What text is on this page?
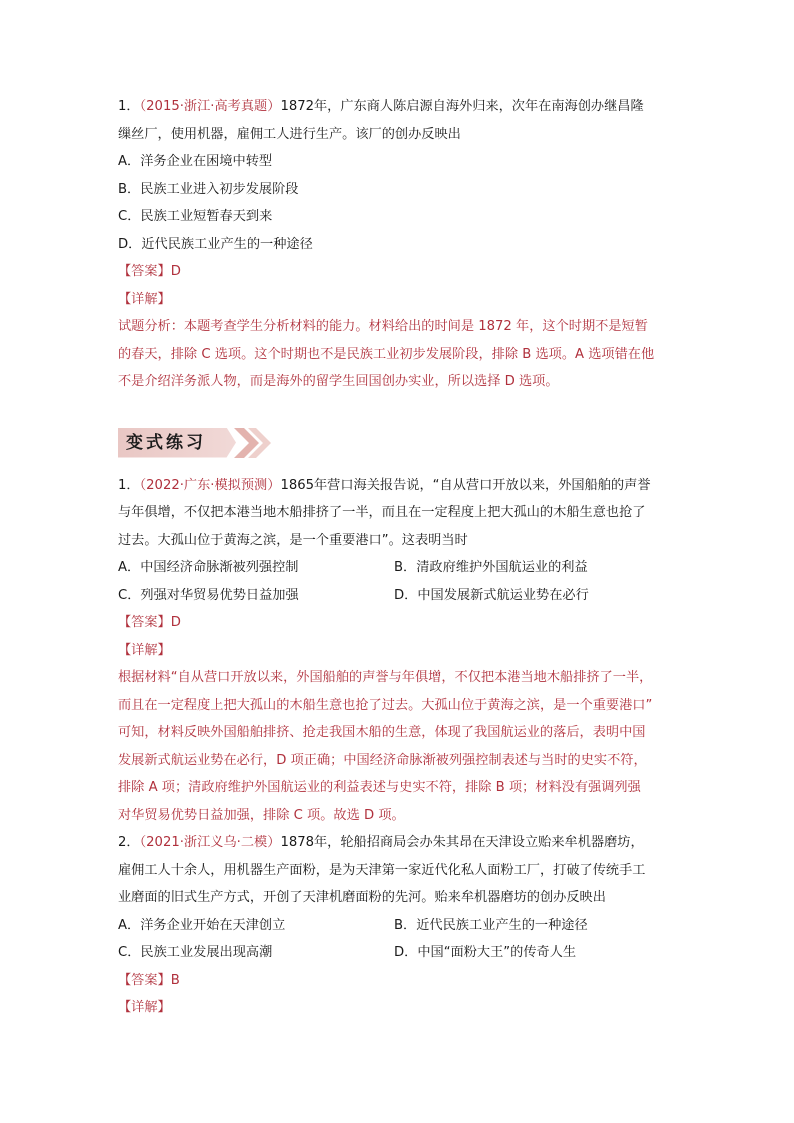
1．（2015·浙江·高考真题）1872年，广东商人陈启源自海外归来，次年在南海创办继昌隆

缫丝厂，使用机器，雇佣工人进行生产。该厂的创办反映出

A．洋务企业在困境中转型

B．民族工业进入初步发展阶段

C．民族工业短暂春天到来

D．近代民族工业产生的一种途径

【答案】D

【详解】

试题分析：本题考查学生分析材料的能力。材料给出的时间是 1872 年，这个时期不是短暂

的春天，排除 C 选项。这个时期也不是民族工业初步发展阶段，排除 B 选项。A 选项错在他

不是介绍洋务派人物，而是海外的留学生回国创办实业，所以选择 D 选项。

变式练习

1．（2022·广东·模拟预测）1865年营口海关报告说，“自从营口开放以来，外国船舶的声誉

与年俱增，不仅把本港当地木船排挤了一半，而且在一定程度上把大孤山的木船生意也抢了

过去。大孤山位于黄海之滨，是一个重要港口”。这表明当时

A．中国经济命脉渐被列强控制	B．清政府维护外国航运业的利益

C．列强对华贸易优势日益加强	D．中国发展新式航运业势在必行

【答案】D

【详解】

根据材料“自从营口开放以来，外国船舶的声誉与年俱增，不仅把本港当地木船排挤了一半，

而且在一定程度上把大孤山的木船生意也抢了过去。大孤山位于黄海之滨，是一个重要港口”

可知，材料反映外国船舶排挤、抢走我国木船的生意，体现了我国航运业的落后，表明中国

发展新式航运业势在必行，D 项正确；中国经济命脉渐被列强控制表述与当时的史实不符，

排除 A 项；清政府维护外国航运业的利益表述与史实不符，排除 B 项；材料没有强调列强

对华贸易优势日益加强，排除 C 项。故选 D 项。

2．（2021·浙江义乌·二模）1878年，轮船招商局会办朱其昂在天津设立贻来牟机器磨坊，

雇佣工人十余人，用机器生产面粉，是为天津第一家近代化私人面粉工厂，打破了传统手工

业磨面的旧式生产方式，开创了天津机磨面粉的先河。贻来牟机器磨坊的创办反映出

A．洋务企业开始在天津创立	B．近代民族工业产生的一种途径

C．民族工业发展出现高潮	D．中国“面粉大王”的传奇人生

【答案】B

【详解】
